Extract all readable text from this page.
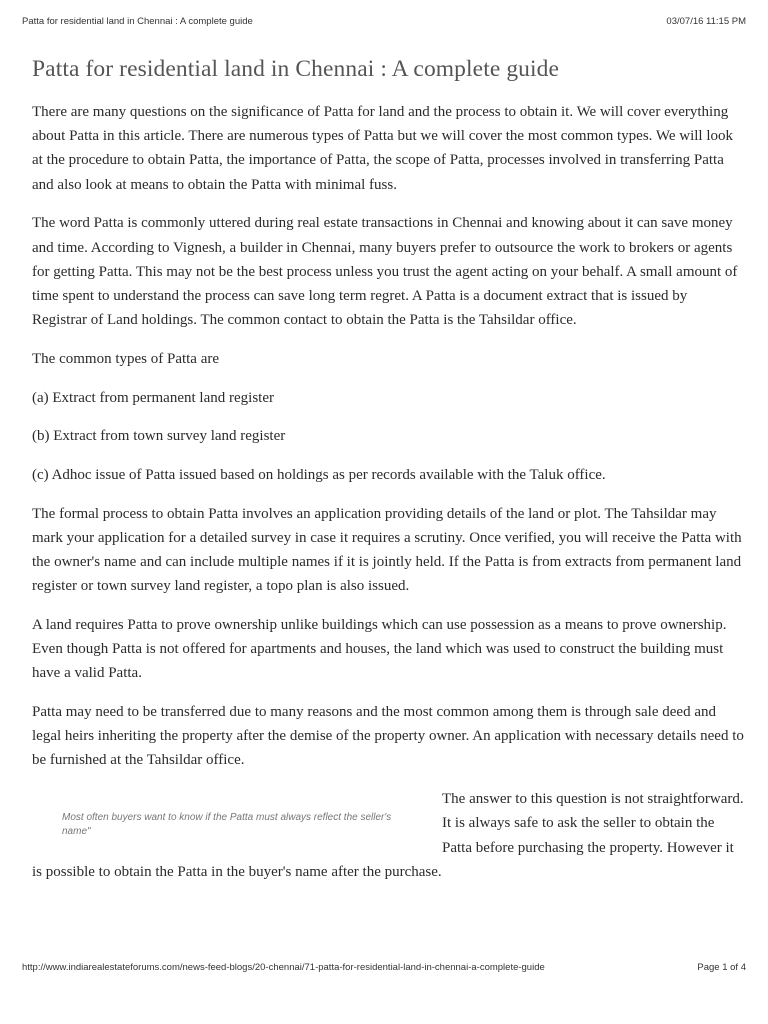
Patta for residential land in Chennai : A complete guide	03/07/16 11:15 PM
Patta for residential land in Chennai : A complete guide

There are many questions on the significance of Patta for land and the process to obtain it. We will cover everything about Patta in this article. There are numerous types of Patta but we will cover the most common types. We will look at the procedure to obtain Patta, the importance of Patta, the scope of Patta, processes involved in transferring Patta and also look at means to obtain the Patta with minimal fuss.

The word Patta is commonly uttered during real estate transactions in Chennai and knowing about it can save money and time. According to Vignesh, a builder in Chennai, many buyers prefer to outsource the work to brokers or agents for getting Patta. This may not be the best process unless you trust the agent acting on your behalf. A small amount of time spent to understand the process can save long term regret. A Patta is a document extract that is issued by Registrar of Land holdings. The common contact to obtain the Patta is the Tahsildar office.

The common types of Patta are

(a) Extract from permanent land register

(b) Extract from town survey land register

(c) Adhoc issue of Patta issued based on holdings as per records available with the Taluk office.

The formal process to obtain Patta involves an application providing details of the land or plot. The Tahsildar may mark your application for a detailed survey in case it requires a scrutiny. Once verified, you will receive the Patta with the owner's name and can include multiple names if it is jointly held. If the Patta is from extracts from permanent land register or town survey land register, a topo plan is also issued.

A land requires Patta to prove ownership unlike buildings which can use possession as a means to prove ownership. Even though Patta is not offered for apartments and houses, the land which was used to construct the building must have a valid Patta.

Patta may need to be transferred due to many reasons and the most common among them is through sale deed and legal heirs inheriting the property after the demise of the property owner. An application with necessary details need to be furnished at the Tahsildar office.

Most often buyers want to know if the Patta must always reflect the seller's name"

The answer to this question is not straightforward. It is always safe to ask the seller to obtain the Patta before purchasing the property. However it is possible to obtain the Patta in the buyer's name after the purchase.

http://www.indiarealestateforums.com/news-feed-blogs/20-chennai/71-patta-for-residential-land-in-chennai-a-complete-guide	Page 1 of 4
